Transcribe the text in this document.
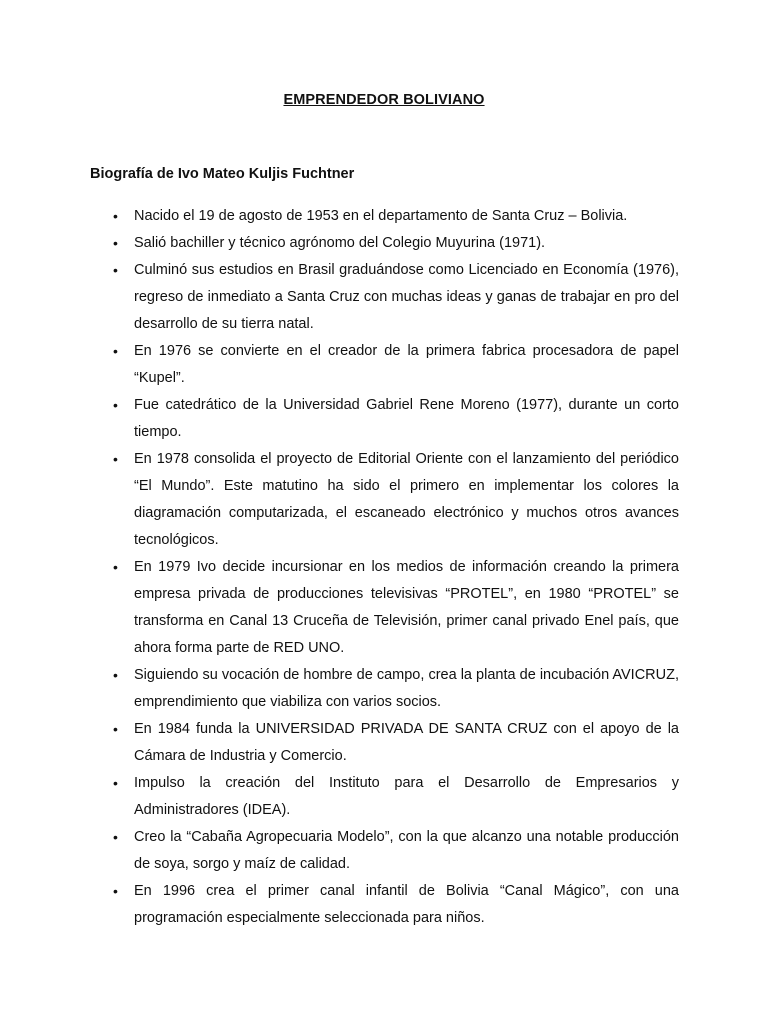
EMPRENDEDOR BOLIVIANO
Biografía de Ivo Mateo Kuljis Fuchtner
• Nacido el 19 de agosto de 1953 en el departamento de Santa Cruz – Bolivia.
• Salió bachiller y técnico agrónomo del Colegio Muyurina (1971).
• Culminó sus estudios en Brasil graduándose como Licenciado en Economía (1976), regreso de inmediato a Santa Cruz con muchas ideas y ganas de trabajar en pro del desarrollo de su tierra natal.
• En 1976 se convierte en el creador de la primera fabrica procesadora de papel “Kupel”.
• Fue catedrático de la Universidad Gabriel Rene Moreno (1977), durante un corto tiempo.
• En 1978 consolida el proyecto de Editorial Oriente con el lanzamiento del periódico “El Mundo”. Este matutino ha sido el primero en implementar los colores la diagramación computarizada, el escaneado electrónico y muchos otros avances tecnológicos.
• En 1979 Ivo decide incursionar en los medios de información creando la primera empresa privada de producciones televisivas “PROTEL”, en 1980 “PROTEL” se transforma en Canal 13 Cruceña de Televisión, primer canal privado Enel país, que ahora forma parte de RED UNO.
• Siguiendo su vocación de hombre de campo, crea la planta de incubación AVICRUZ, emprendimiento que viabiliza con varios socios.
• En 1984 funda la UNIVERSIDAD PRIVADA DE SANTA CRUZ con el apoyo de la Cámara de Industria y Comercio.
• Impulso la creación del Instituto para el Desarrollo de Empresarios y Administradores (IDEA).
• Creo la “Cabaña Agropecuaria Modelo”, con la que alcanzo una notable producción de soya, sorgo y maíz de calidad.
• En 1996 crea el primer canal infantil de Bolivia “Canal Mágico”, con una programación especialmente seleccionada para niños.
